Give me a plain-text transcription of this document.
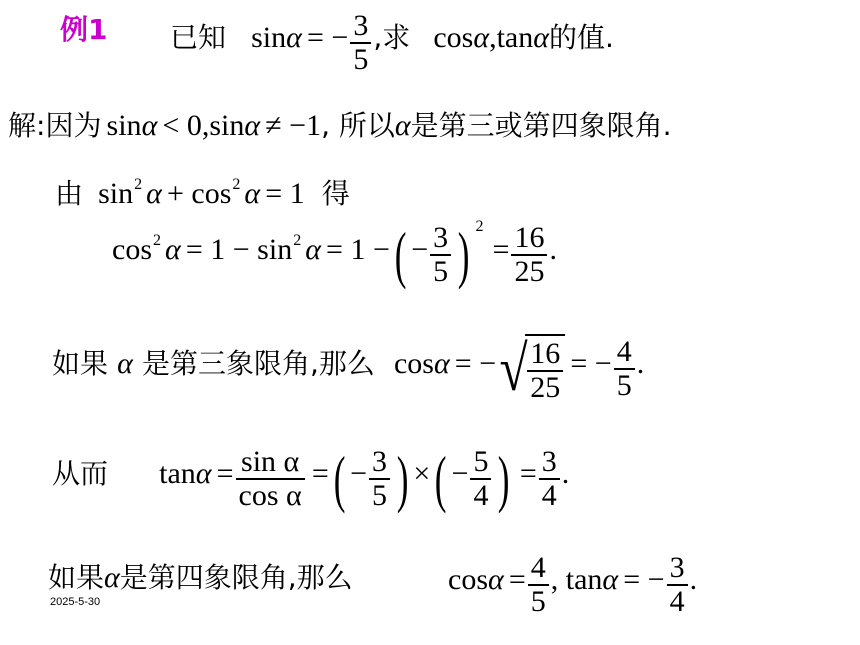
例1 已知 sinα = − $\frac{3}{5}$ ,求 cosα,tanα的值.
解:因为 sinα < 0,sinα ≠ −1, 所以α是第三或第四象限角.
由 sin2 α + cos2 α = 1 得
cos2 α = 1 − sin2 α = 1 −( − $\frac{3}{5}$ ) $2 = \frac{16}{25}$ .
如果 α 是第三象限角,那么 cosα = −√ $\frac{16}{25}$ = − $\frac{4}{5}$ .
从而 $\tan\alpha = \frac{\text{sin α}}{\text{cos α}}$ =( − $\frac{3}{5}$ ) ×( − $\frac{5}{4}$ ) = $\frac{3}{4}$ .
如果α是第四象限角,那么	$\cos\alpha = \frac{4}{5}$ , tanα = − $\frac{3}{4}$ .
2025-5-30
